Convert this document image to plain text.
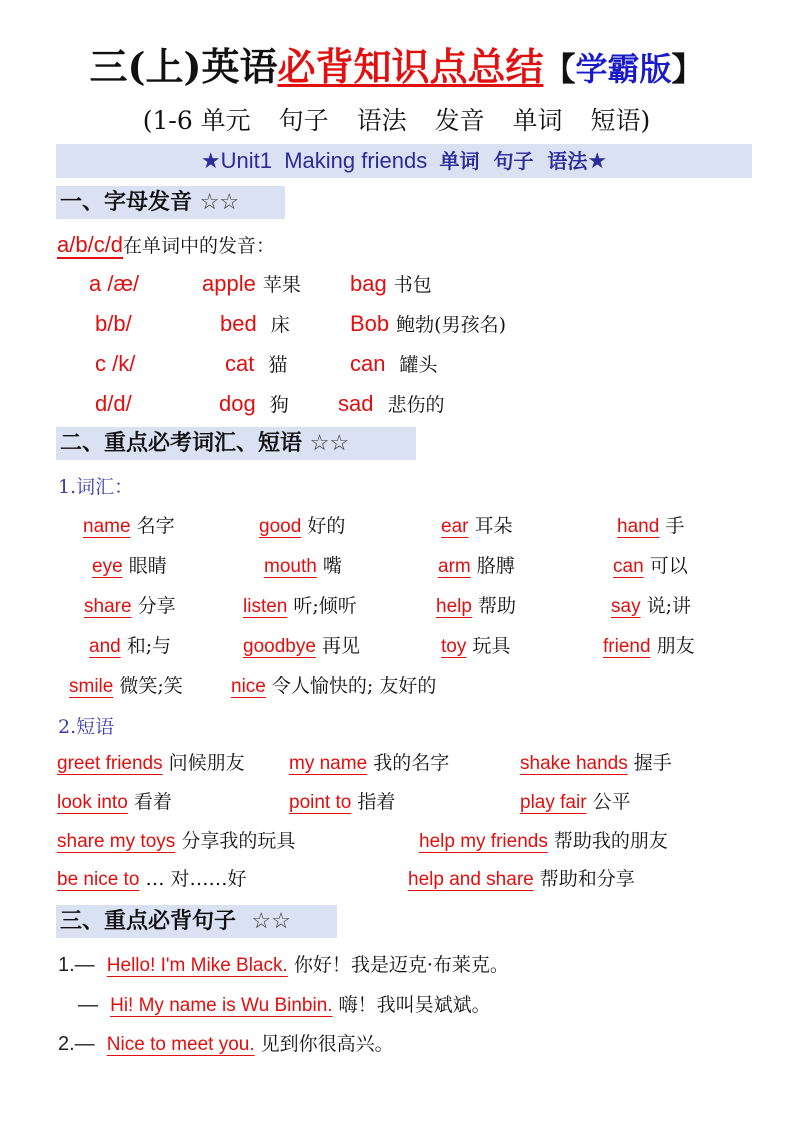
三(上)英语必背知识点总结【学霸版】
(1-6 单元 句子 语法 发音 单词 短语)
★Unit1 Making friends 单词  句子  语法★
一、字母发音 ☆☆
a/b/c/d在单词中的发音：
a /æ/	apple 苹果 bag 书包
b/b/	bed 床	Bob 鲍勃(男孩名)
c /k/	cat 猫	can 罐头
d/d/	dog 狗 sad 悲伤的
二、重点必考词汇、短语 ☆☆
1.词汇：
name 名字	good 好的	ear 耳朵	hand 手
eye 眼睛	mouth 嘴	arm 胳膊	can 可以
share 分享	listen 听;倾听	help 帮助	say 说;讲
and 和;与	goodbye 再见	toy 玩具	friend 朋友
smile 微笑;笑	nice 令人愉快的; 友好的
2.短语
greet friends 问候朋友 my name 我的名字	shake hands 握手
look into 看着	point to 指着	play fair 公平
share my toys 分享我的玩具	help my friends 帮助我的朋友
be nice to … 对……好	help and share 帮助和分享
三、重点必背句子 ☆☆
1.— Hello! I'm Mike Black. 你好！我是迈克·布莱克。
— Hi! My name is Wu Binbin. 嗨！我叫吴斌斌。
2.— Nice to meet you. 见到你很高兴。
